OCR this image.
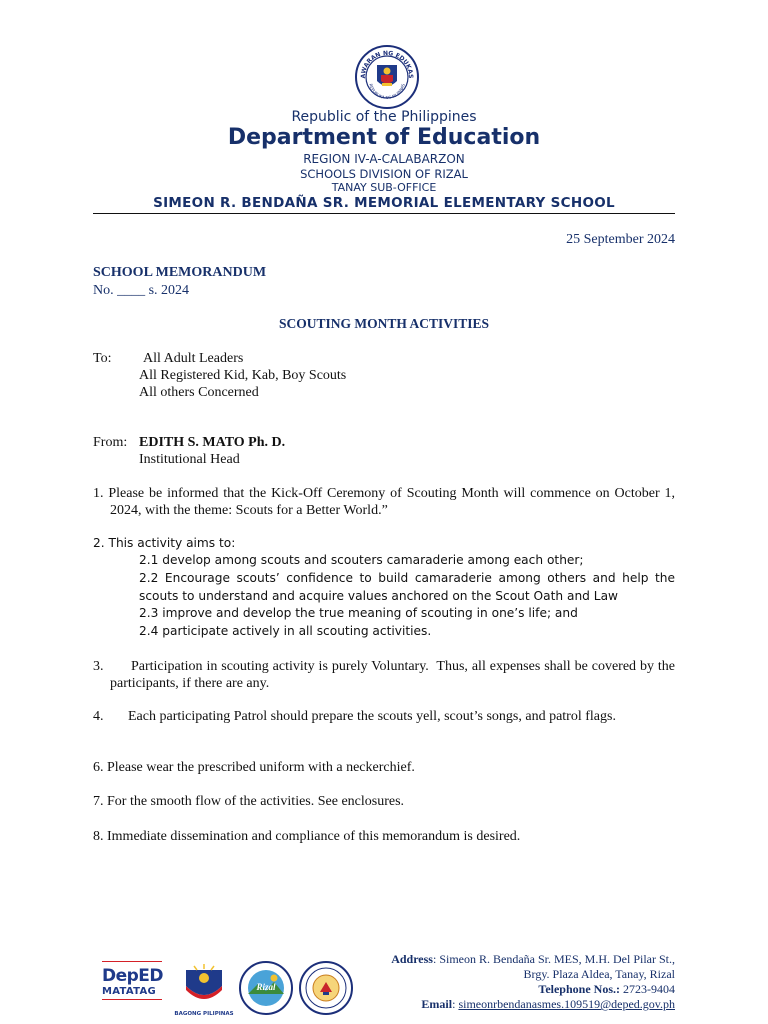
AWARAN NG EDUKAS
REPUBLIKA NG PILIPINAS
Republic of the Philippines
Department of Education
REGION IV-A-CALABARZON
SCHOOLS DIVISION OF RIZAL
TANAY SUB-OFFICE
SIMEON R. BENDAÑA SR. MEMORIAL ELEMENTARY SCHOOL
25 September 2024
SCHOOL MEMORANDUM
No. ____ s. 2024
SCOUTING MONTH ACTIVITIES
To: All Adult Leaders
All Registered Kid, Kab, Boy Scouts
All others Concerned
From: EDITH S. MATO Ph. D.
Institutional Head
1. Please be informed that the Kick-Off Ceremony of Scouting Month will commence on October 1, 2024, with the theme: Scouts for a Better World.”
2. This activity aims to:
2.1 develop among scouts and scouters camaraderie among each other;
2.2 Encourage scouts’ confidence to build camaraderie among others and help the scouts to understand and acquire values anchored on the Scout Oath and Law
2.3 improve and develop the true meaning of scouting in one’s life; and
2.4 participate actively in all scouting activities.
3.       Participation in scouting activity is purely Voluntary.  Thus, all expenses shall be covered by the participants, if there are any.
4.       Each participating Patrol should prepare the scouts yell, scout’s songs, and patrol flags.
6. Please wear the prescribed uniform with a neckerchief.
7. For the smooth flow of the activities. See enclosures.
8. Immediate dissemination and compliance of this memorandum is desired.
DepED
MATATAG
BAGONG PILIPINAS
Rizal
Address: Simeon R. Bendaña Sr. MES, M.H. Del Pilar St.,
Brgy. Plaza Aldea, Tanay, Rizal
Telephone Nos.: 2723-9404
Email: simeonrbendanasmes.109519@deped.gov.ph
